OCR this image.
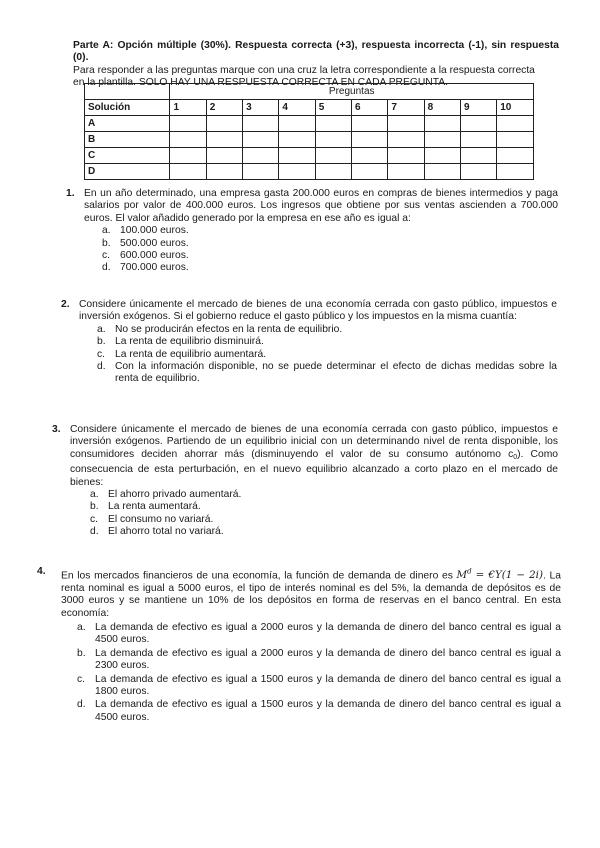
Parte A: Opción múltiple (30%). Respuesta correcta (+3), respuesta incorrecta (-1), sin respuesta (0).
Para responder a las preguntas marque con una cruz la letra correspondiente a la respuesta correcta
en la plantilla. SOLO HAY UNA RESPUESTA CORRECTA EN CADA PREGUNTA.
	Preguntas									
Solución	1	2	3	4	5	6	7	8	9	10
A										
B										
C										
D										
1. En un año determinado, una empresa gasta 200.000 euros en compras de bienes intermedios y paga salarios por valor de 400.000 euros. Los ingresos que obtiene por sus ventas ascienden a 700.000 euros. El valor añadido generado por la empresa en ese año es igual a:

a. 100.000 euros.
b. 500.000 euros.
c. 600.000 euros.
d. 700.000 euros.
2. Considere únicamente el mercado de bienes de una economía cerrada con gasto público, impuestos e inversión exógenos. Si el gobierno reduce el gasto público y los impuestos en la misma cuantía:

a. No se producirán efectos en la renta de equilibrio.
b. La renta de equilibrio disminuirá.
c. La renta de equilibrio aumentará.
d. Con la información disponible, no se puede determinar el efecto de dichas medidas sobre la renta de equilibrio.
3. Considere únicamente el mercado de bienes de una economía cerrada con gasto público, impuestos e inversión exógenos. Partiendo de un equilibrio inicial con un determinando nivel de renta disponible, los consumidores deciden ahorrar más (disminuyendo el valor de su consumo autónomo $c_0$). Como consecuencia de esta perturbación, en el nuevo equilibrio alcanzado a corto plazo en el mercado de bienes:

a. El ahorro privado aumentará.
b. La renta aumentará.
c. El consumo no variará.
d. El ahorro total no variará.
4. En los mercados financieros de una economía, la función de demanda de dinero es $M^d$ = €Y(1 − 2i). La renta nominal es igual a 5000 euros, el tipo de interés nominal es del 5%, la demanda de depósitos es de 3000 euros y se mantiene un 10% de los depósitos en forma de reservas en el banco central. En esta economía:

a. La demanda de efectivo es igual a 2000 euros y la demanda de dinero del banco central es igual a 4500 euros.
b. La demanda de efectivo es igual a 2000 euros y la demanda de dinero del banco central es igual a 2300 euros.
c. La demanda de efectivo es igual a 1500 euros y la demanda de dinero del banco central es igual a 1800 euros.
d. La demanda de efectivo es igual a 1500 euros y la demanda de dinero del banco central es igual a 4500 euros.
